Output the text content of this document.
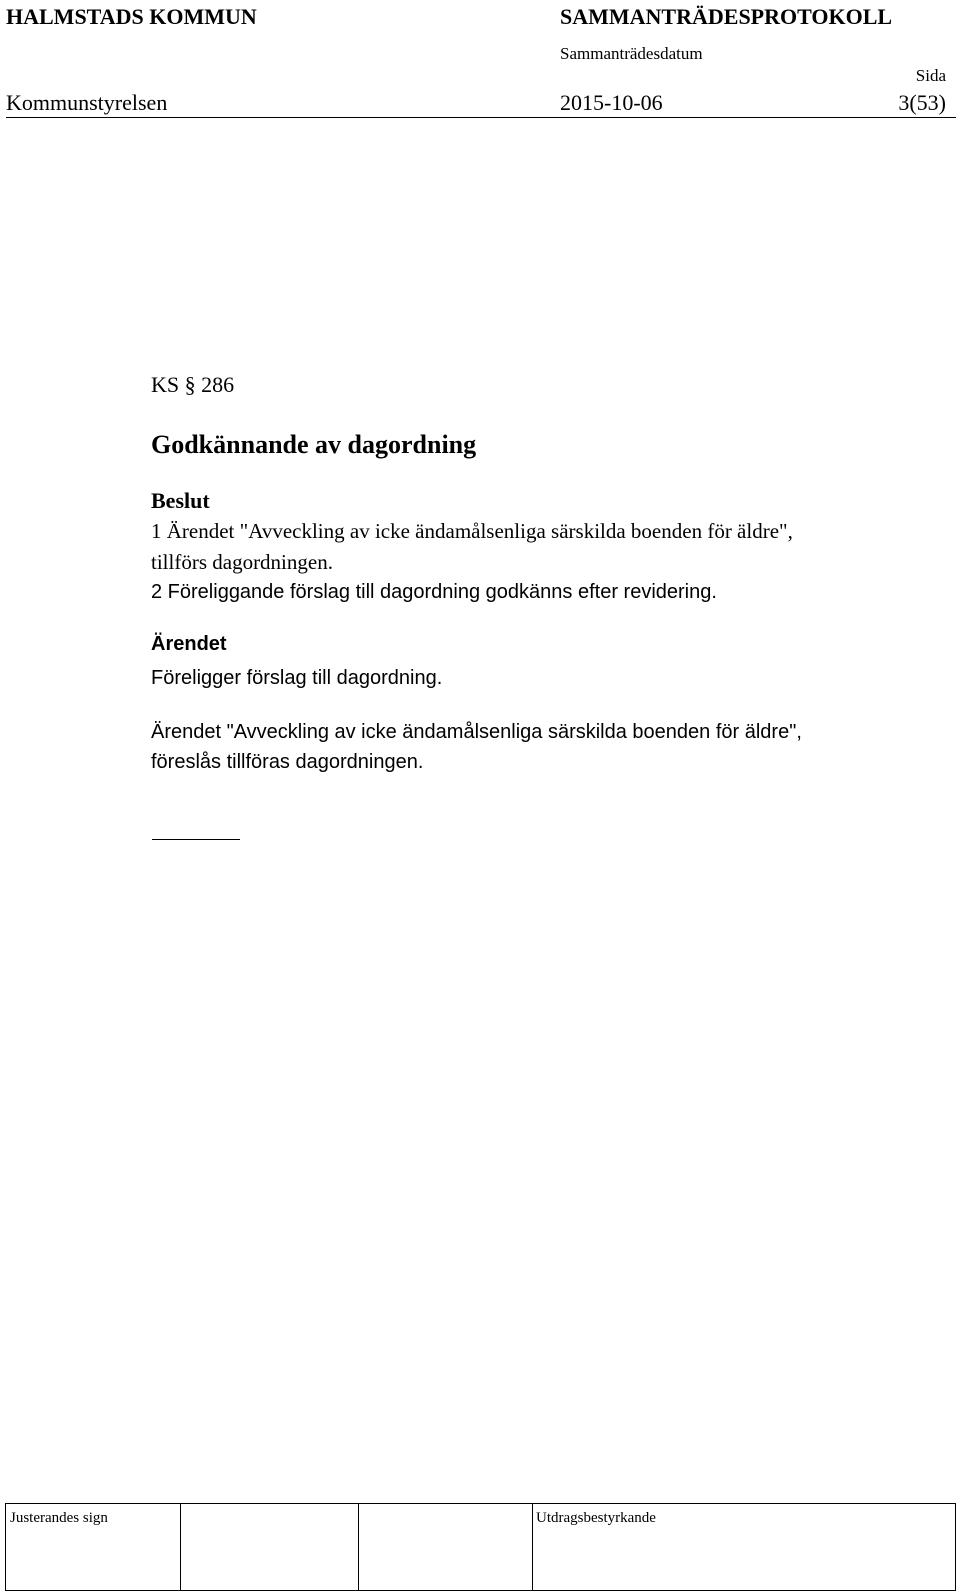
HALMSTADS KOMMUN	SAMMANTRÄDESPROTOKOLL
Sammanträdesdatum
Sida
Kommunstyrelsen	2015-10-06	3(53)
KS § 286
Godkännande av dagordning
Beslut
1 Ärendet "Avveckling av icke ändamålsenliga särskilda boenden för äldre",
tillförs dagordningen.
2 Föreliggande förslag till dagordning godkänns efter revidering.
Ärendet
Föreligger förslag till dagordning.
Ärendet "Avveckling av icke ändamålsenliga särskilda boenden för äldre",
föreslås tillföras dagordningen.
Justerandes sign	Utdragsbestyrkande
